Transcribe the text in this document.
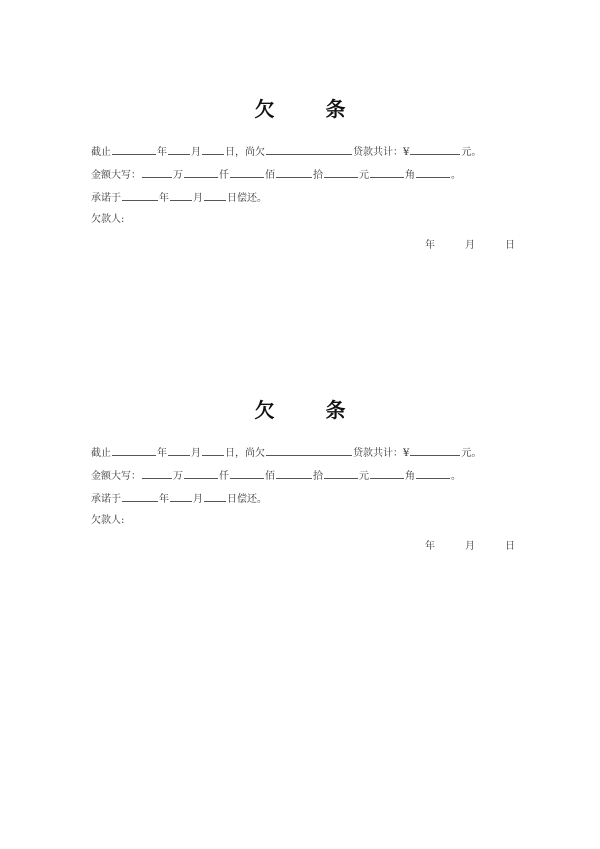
欠 条
截止	年 月 日，尚欠	贷款共计：¥	元。
金额大写：	万	仟	佰	拾	元	角	。
承诺于	年 月 日偿还。
欠款人:
年	月	日
欠 条
截止	年 月 日，尚欠	贷款共计：¥	元。
金额大写：	万	仟	佰	拾	元	角	。
承诺于	年 月 日偿还。
欠款人:
年	月	日
